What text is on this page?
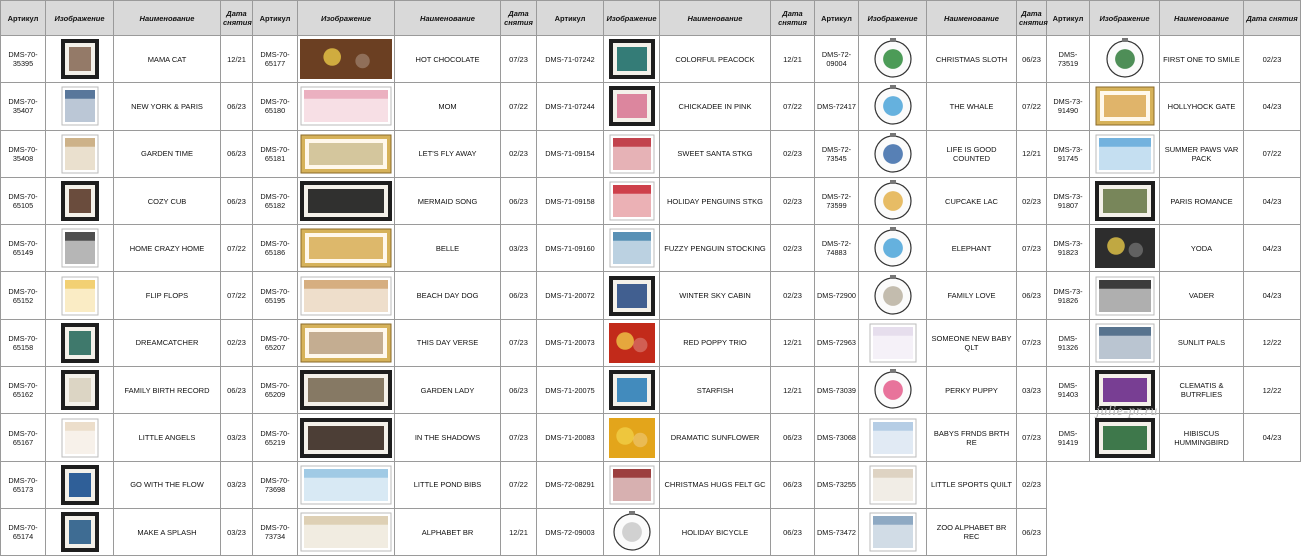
Артикул	Изображение	Наименование	Дата снятия	Артикул	Изображение	Наименование	Дата снятия	Артикул	Изображение	Наименование	Дата снятия	Артикул	Изображение	Наименование	Дата снятия	Артикул	Изображение	Наименование	Дата снятия
DMS-70-35395		MAMA CAT	12/21	DMS-70-65177		HOT CHOCOLATE	07/23	DMS-71-07242		COLORFUL PEACOCK	12/21	DMS-72-09004		CHRISTMAS SLOTH	06/23	DMS-73519		FIRST ONE TO SMILE	02/23
DMS-70-35407		NEW YORK & PARIS	06/23	DMS-70-65180		MOM	07/22	DMS-71-07244		CHICKADEE IN PINK	07/22	DMS-72417		THE WHALE	07/22	DMS-73-91490		HOLLYHOCK GATE	04/23
DMS-70-35408		GARDEN TIME	06/23	DMS-70-65181		LET'S FLY AWAY	02/23	DMS-71-09154		SWEET SANTA STKG	02/23	DMS-72-73545		LIFE IS GOOD COUNTED	12/21	DMS-73-91745		SUMMER PAWS VAR PACK	07/22
DMS-70-65105		COZY CUB	06/23	DMS-70-65182		MERMAID SONG	06/23	DMS-71-09158		HOLIDAY PENGUINS STKG	02/23	DMS-72-73599		CUPCAKE LAC	02/23	DMS-73-91807		PARIS ROMANCE	04/23
DMS-70-65149		HOME CRAZY HOME	07/22	DMS-70-65186		BELLE	03/23	DMS-71-09160		FUZZY PENGUIN STOCKING	02/23	DMS-72-74883		ELEPHANT	07/23	DMS-73-91823		YODA	04/23
DMS-70-65152		FLIP FLOPS	07/22	DMS-70-65195		BEACH DAY DOG	06/23	DMS-71-20072		WINTER SKY CABIN	02/23	DMS-72900		FAMILY LOVE	06/23	DMS-73-91826		VADER	04/23
DMS-70-65158		DREAMCATCHER	02/23	DMS-70-65207		THIS DAY VERSE	07/23	DMS-71-20073		RED POPPY TRIO	12/21	DMS-72963		SOMEONE NEW BABY QLT	07/23	DMS-91326		SUNLIT PALS	12/22
DMS-70-65162		FAMILY BIRTH RECORD	06/23	DMS-70-65209		GARDEN LADY	06/23	DMS-71-20075		STARFISH	12/21	DMS-73039		PERKY PUPPY	03/23	DMS-91403		CLEMATIS & BUTRFLIES	12/22
DMS-70-65167		LITTLE ANGELS	03/23	DMS-70-65219		IN THE SHADOWS	07/23	DMS-71-20083		DRAMATIC SUNFLOWER	06/23	DMS-73068		BABYS FRNDS BRTH RE	07/23	DMS-91419		HIBISCUS HUMMINGBIRD	04/23
DMS-70-65173		GO WITH THE FLOW	03/23	DMS-70-73698		LITTLE POND BIBS	07/22	DMS-72-08291		CHRISTMAS HUGS FELT GC	06/23	DMS-73255		LITTLE SPORTS QUILT	02/23				
DMS-70-65174		MAKE A SPLASH	03/23	DMS-70-73734		ALPHABET BR	12/21	DMS-72-09003		HOLIDAY BICYCLE	06/23	DMS-73472		ZOO ALPHABET BR REC	06/23				
julie-pr.ru
